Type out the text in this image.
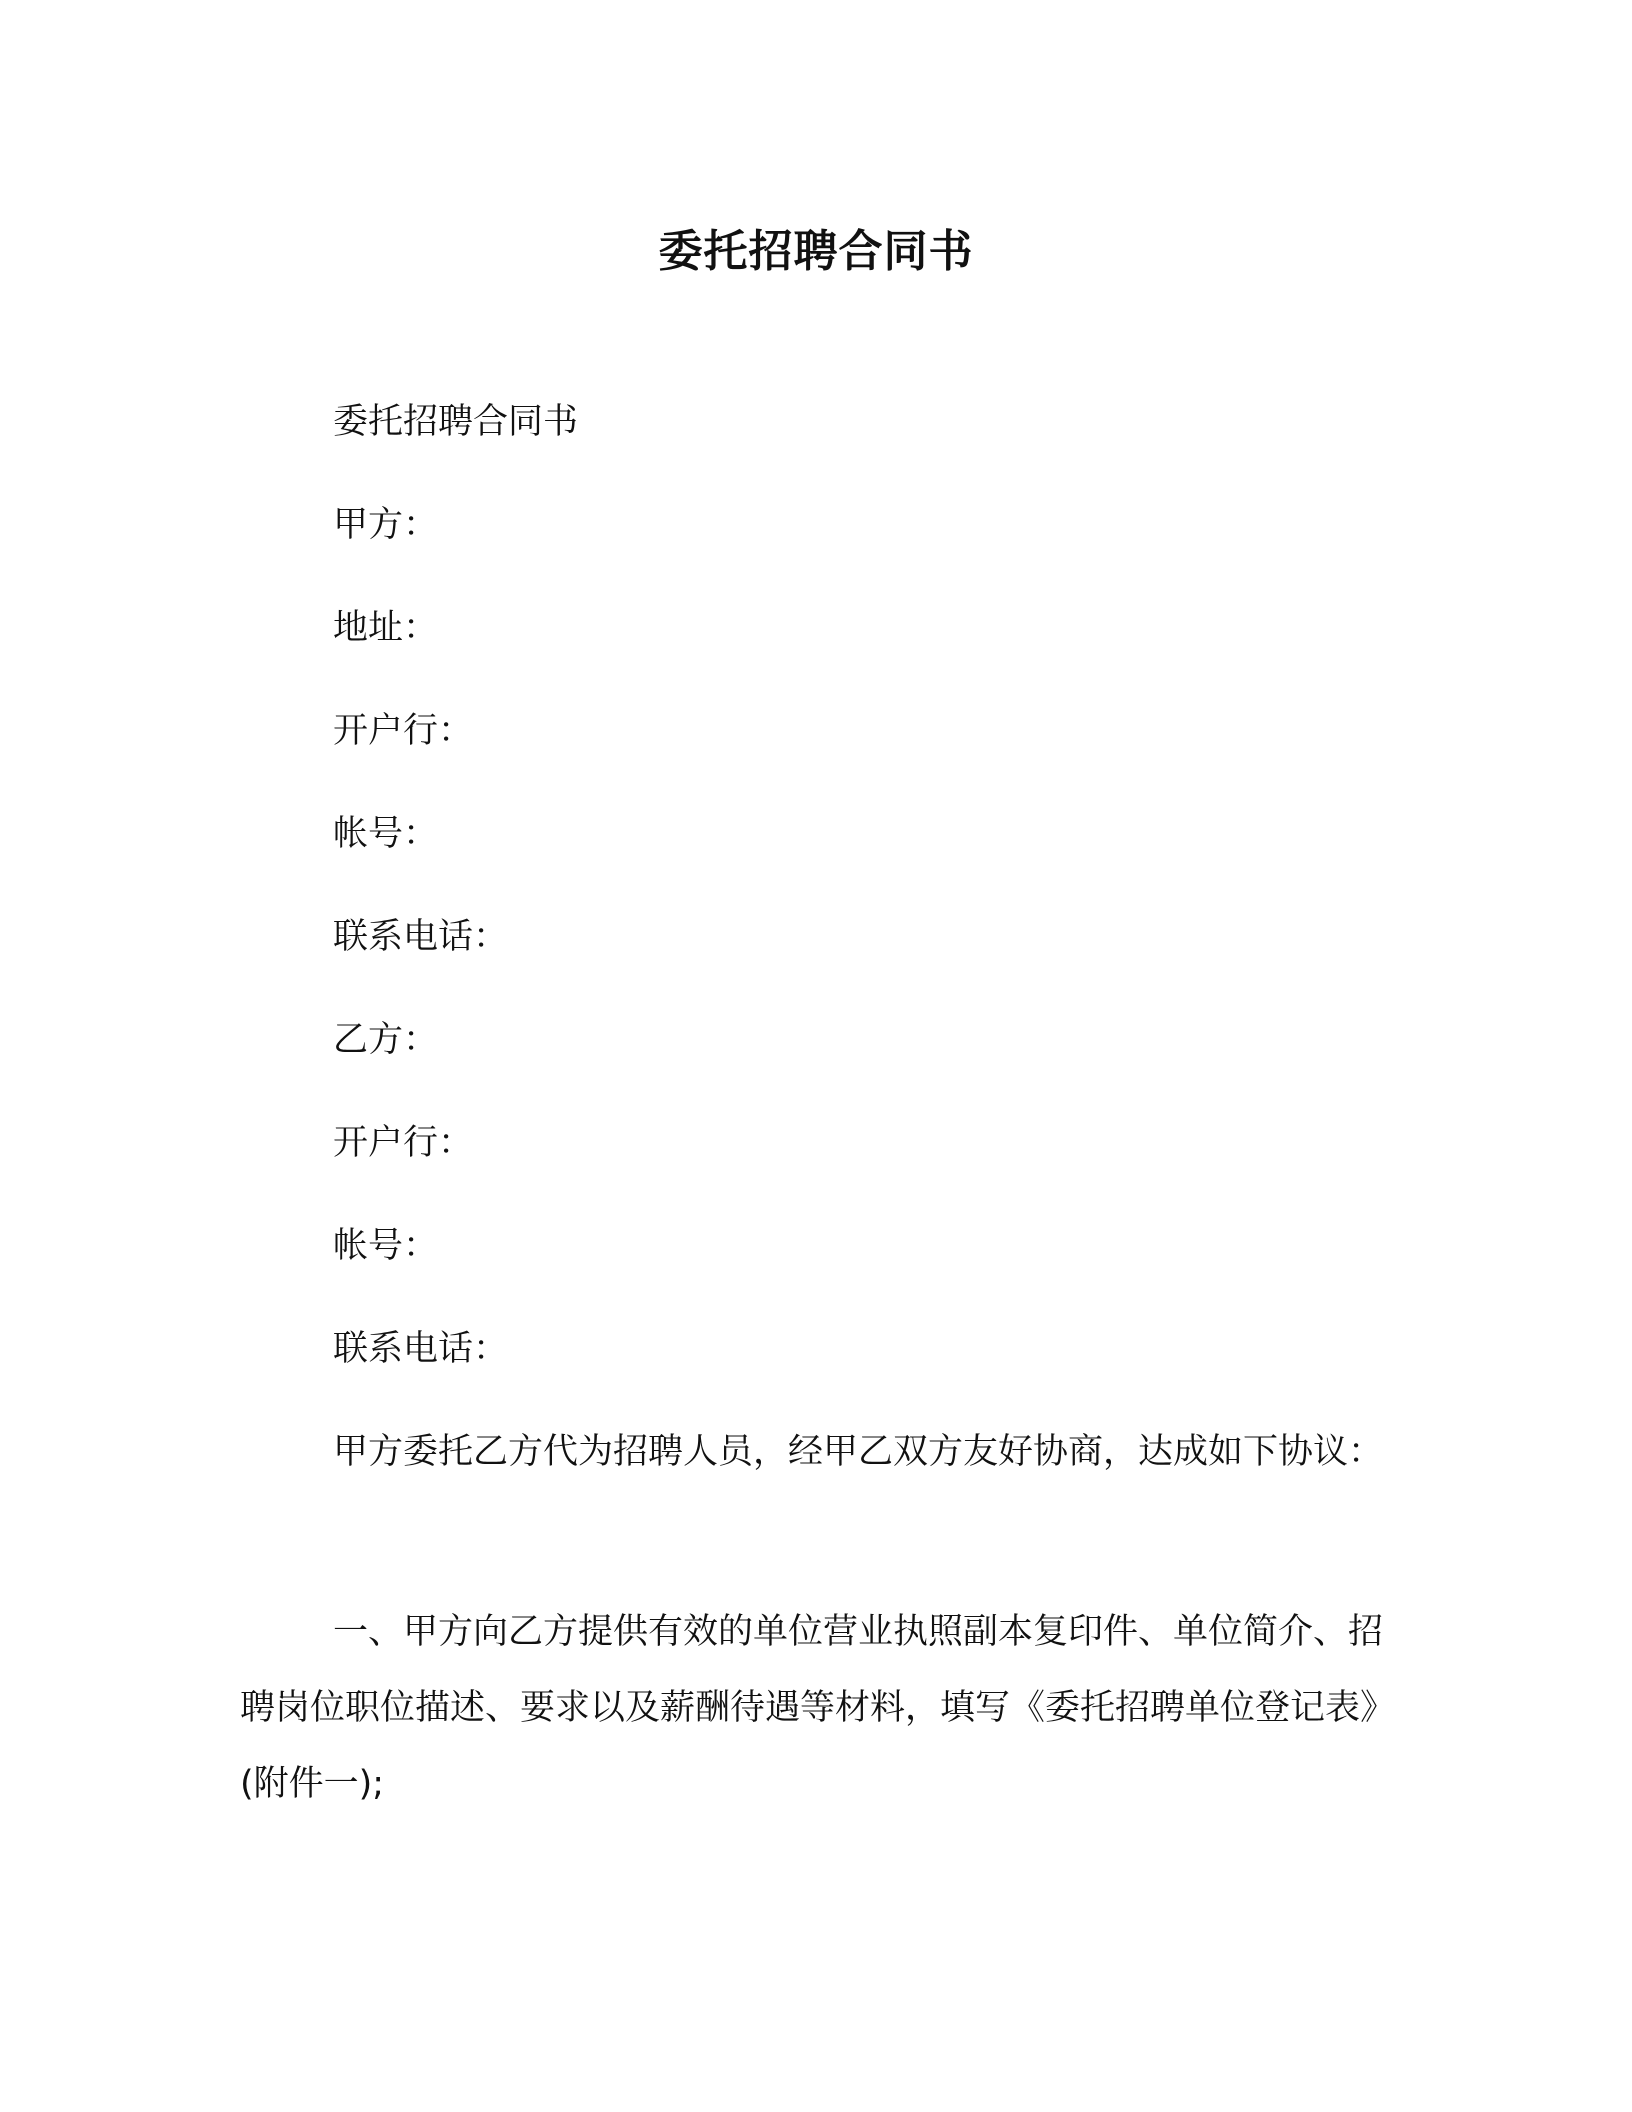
委托招聘合同书

委托招聘合同书

甲方：

地址：

开户行：

帐号：

联系电话：

乙方：

开户行：

帐号：

联系电话：

甲方委托乙方代为招聘人员，经甲乙双方友好协商，达成如下协议：

一、甲方向乙方提供有效的单位营业执照副本复印件、单位简介、招聘岗位职位描述、要求以及薪酬待遇等材料，填写《委托招聘单位登记表》(附件一);
